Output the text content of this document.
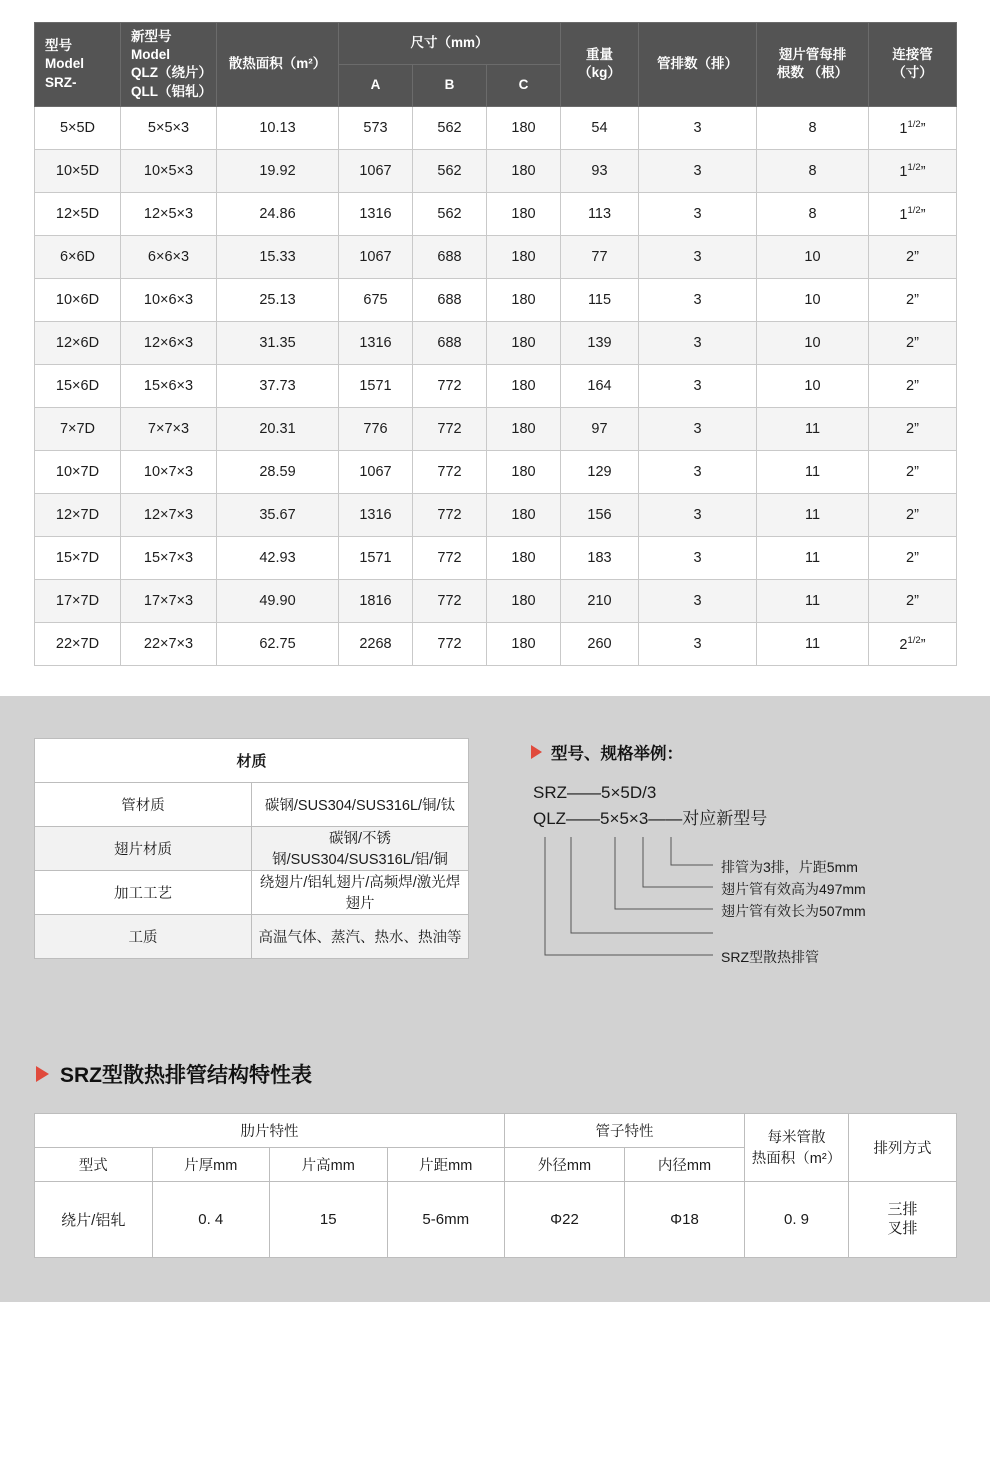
型号
Model
SRZ-	新型号
Model
QLZ（绕片）
QLL（铝轧）	散热面积（m²）	尺寸（mm）			重量
（kg）	管排数（排）	翅片管每排
根数 （根）	连接管
（寸）
			A	B	C				
5×5D	5×5×3	10.13	573	562	180	54	3	8	$1^{1/2}$”
10×5D	10×5×3	19.92	1067	562	180	93	3	8	$1^{1/2}$”
12×5D	12×5×3	24.86	1316	562	180	113	3	8	$1^{1/2}$”
6×6D	6×6×3	15.33	1067	688	180	77	3	10	2”
10×6D	10×6×3	25.13	675	688	180	115	3	10	2”
12×6D	12×6×3	31.35	1316	688	180	139	3	10	2”
15×6D	15×6×3	37.73	1571	772	180	164	3	10	2”
7×7D	7×7×3	20.31	776	772	180	97	3	11	2”
10×7D	10×7×3	28.59	1067	772	180	129	3	11	2”
12×7D	12×7×3	35.67	1316	772	180	156	3	11	2”
15×7D	15×7×3	42.93	1571	772	180	183	3	11	2”
17×7D	17×7×3	49.90	1816	772	180	210	3	11	2”
22×7D	22×7×3	62.75	2268	772	180	260	3	11	$2^{1/2}$”
材质	
管材质	碳钢/SUS304/SUS316L/铜/钛
翅片材质	碳钢/不锈钢/SUS304/SUS316L/铝/铜
加工工艺	绕翅片/铝轧翅片/高频焊/激光焊翅片
工质	高温气体、蒸汽、热水、热油等
型号、规格举例：
SRZ——5×5D/3
QLZ——5×5×3——对应新型号
排管为3排，片距5mm
翅片管有效高为497mm
翅片管有效长为507mm
SRZ型散热排管
SRZ型散热排管结构特性表
肋片特性				管子特性		每米管散
热面积（m²）	排列方式
型式	片厚mm	片高mm	片距mm	外径mm	内径mm		
绕片/铝轧	0. 4	15	5-6mm	Φ22	Φ18	0. 9	三排
叉排
